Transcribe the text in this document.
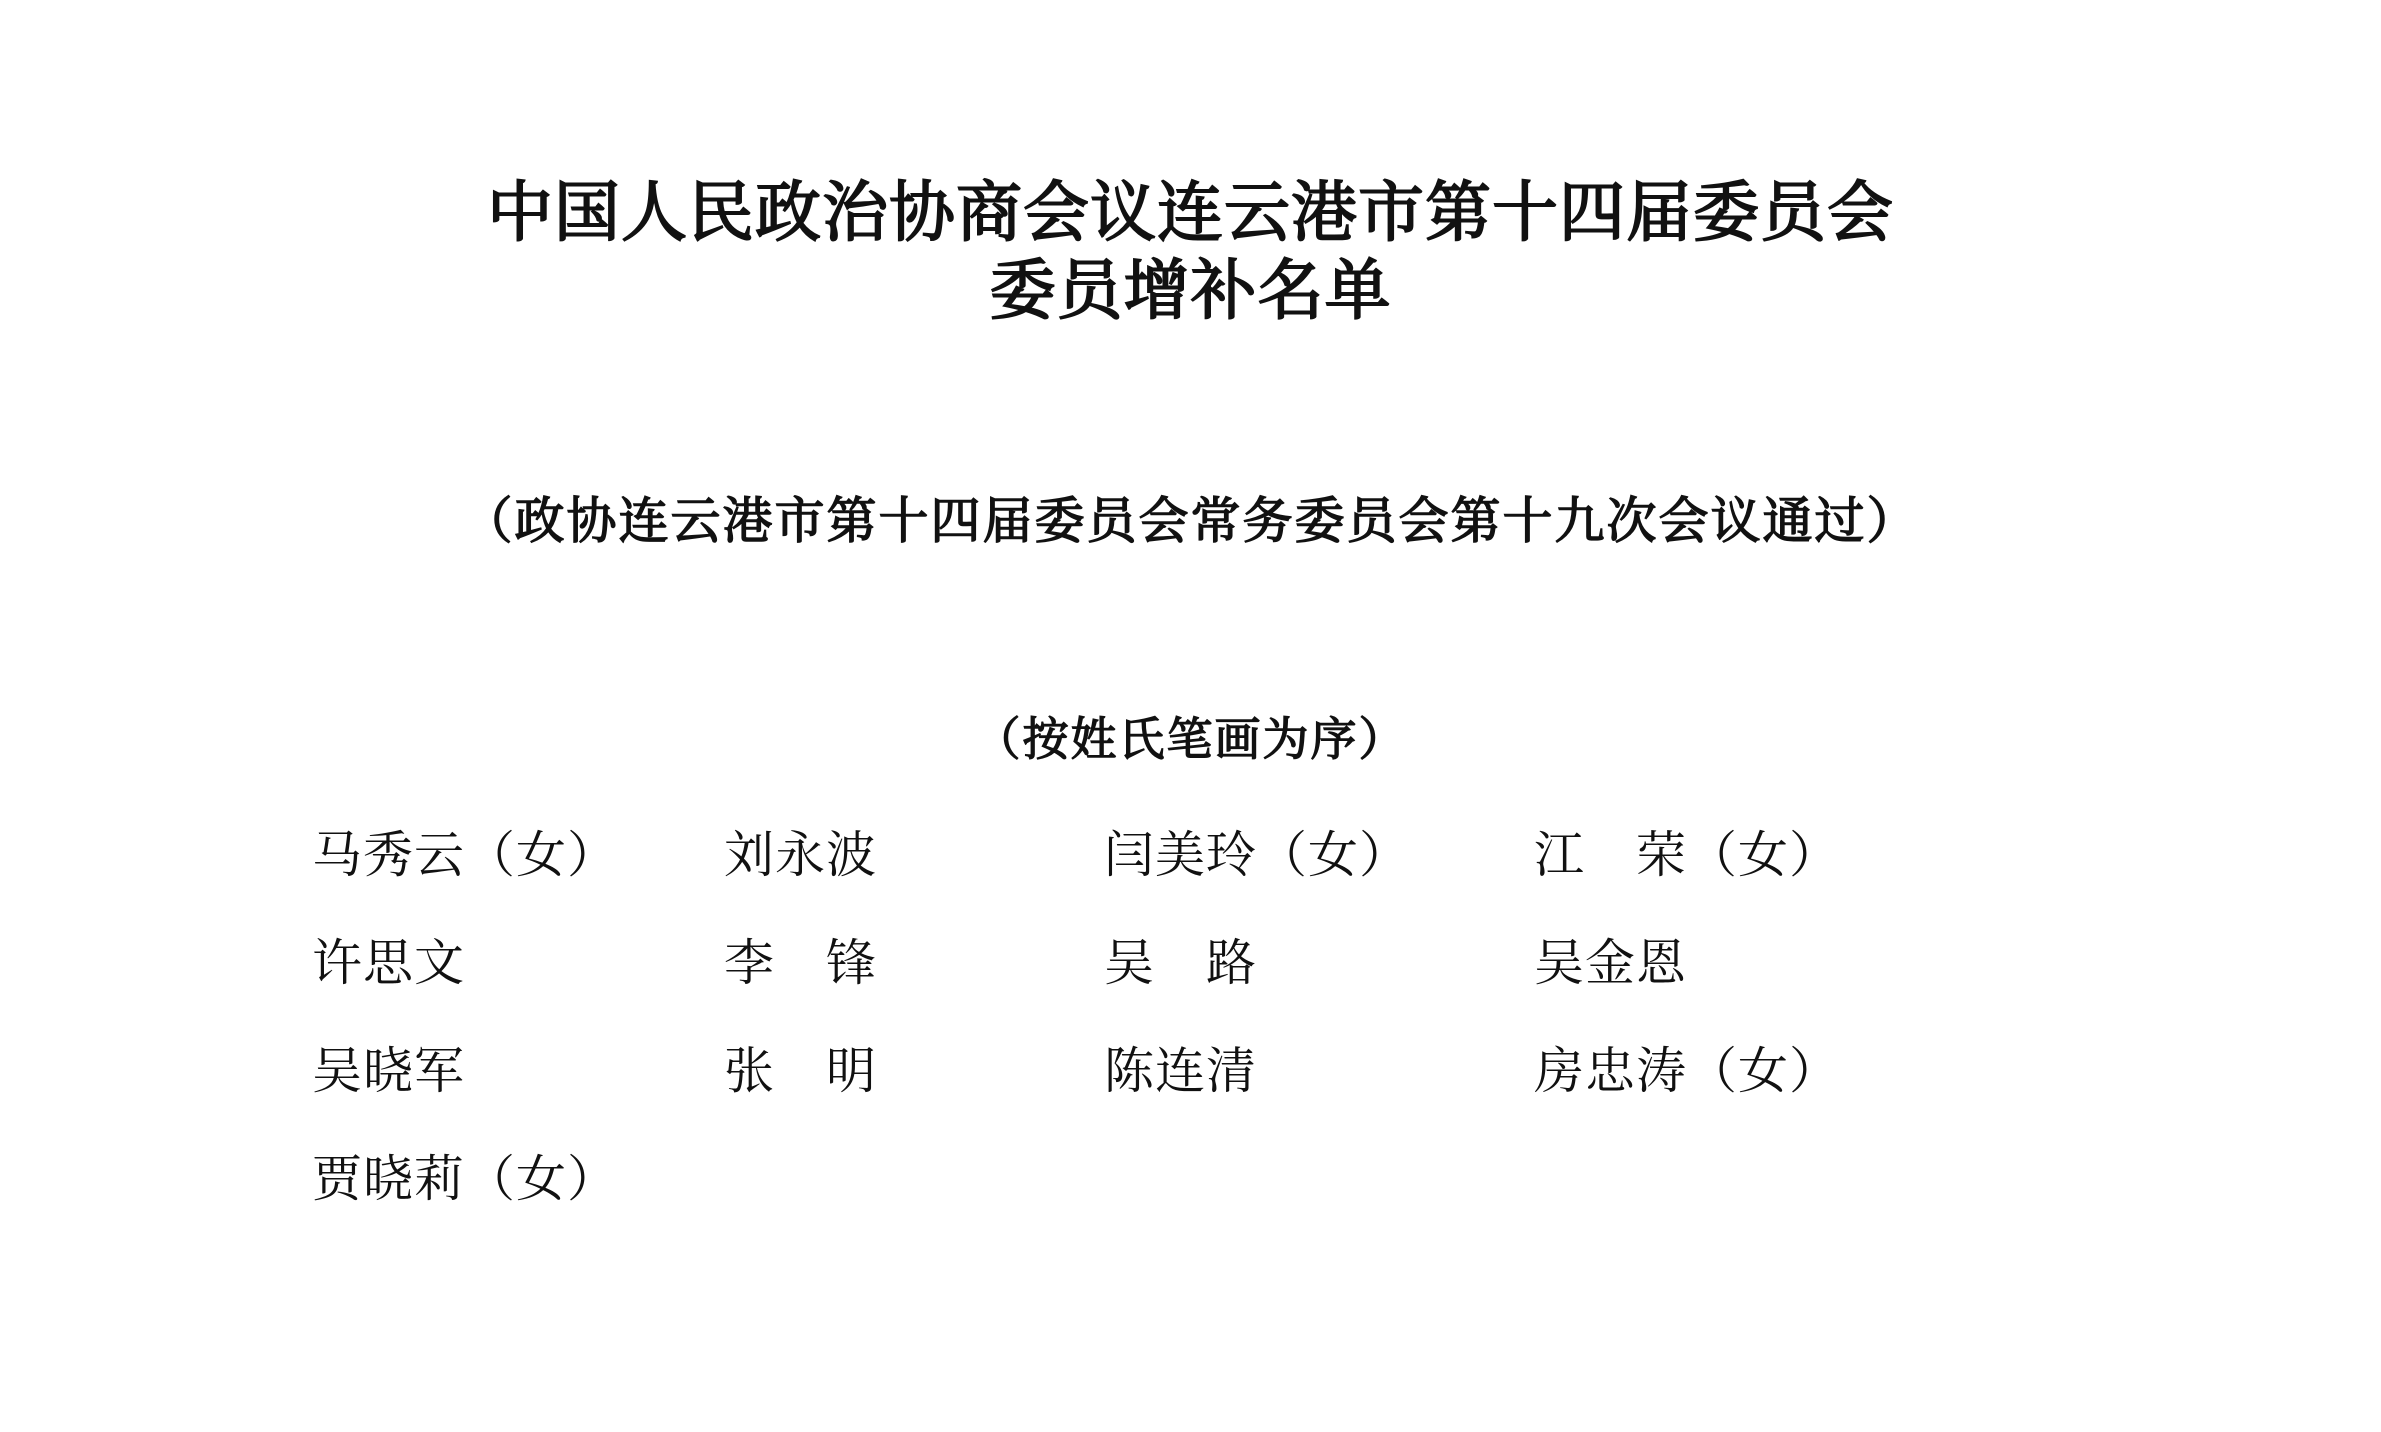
中国人民政治协商会议连云港市第十四届委员会
委员增补名单

（政协连云港市第十四届委员会常务委员会第十九次会议通过）

（按姓氏笔画为序）

马秀云（女）	刘永波	闫美玲（女）	江　荣（女）
许思文	李　锋	吴　路	吴金恩
吴晓军	张　明	陈连清	房忠涛（女）
贾晓莉（女）
